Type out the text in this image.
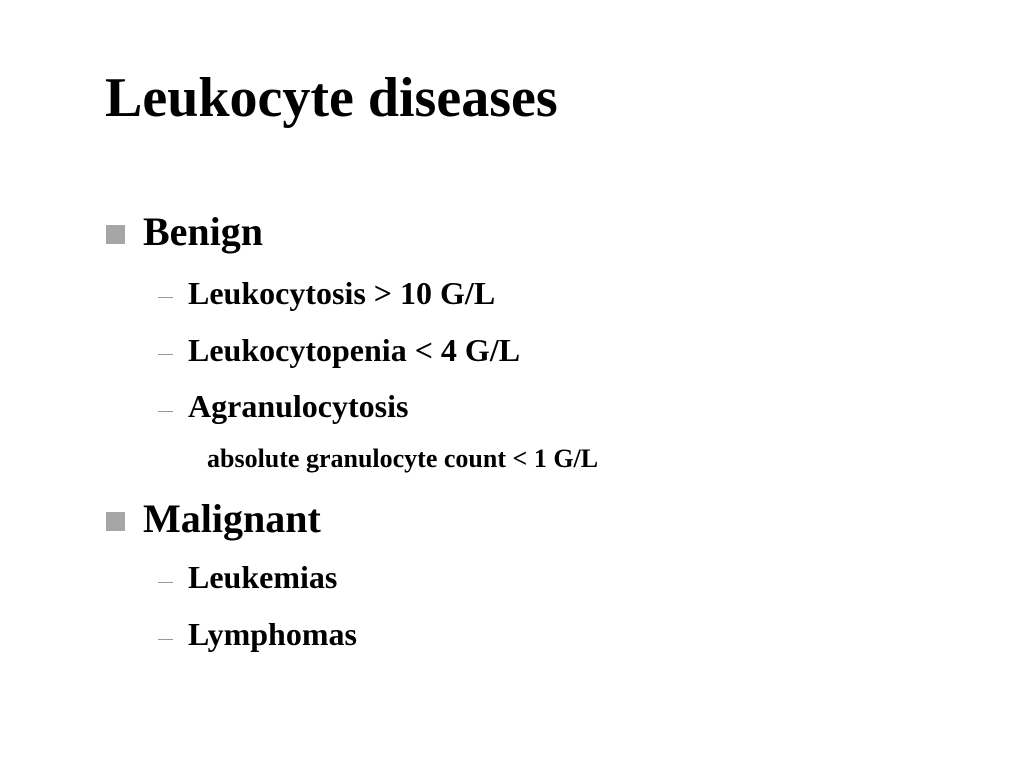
Leukocyte diseases
Benign
Leukocytosis > 10 G/L
Leukocytopenia < 4 G/L
Agranulocytosis
absolute granulocyte count < 1 G/L
Malignant
Leukemias
Lymphomas
